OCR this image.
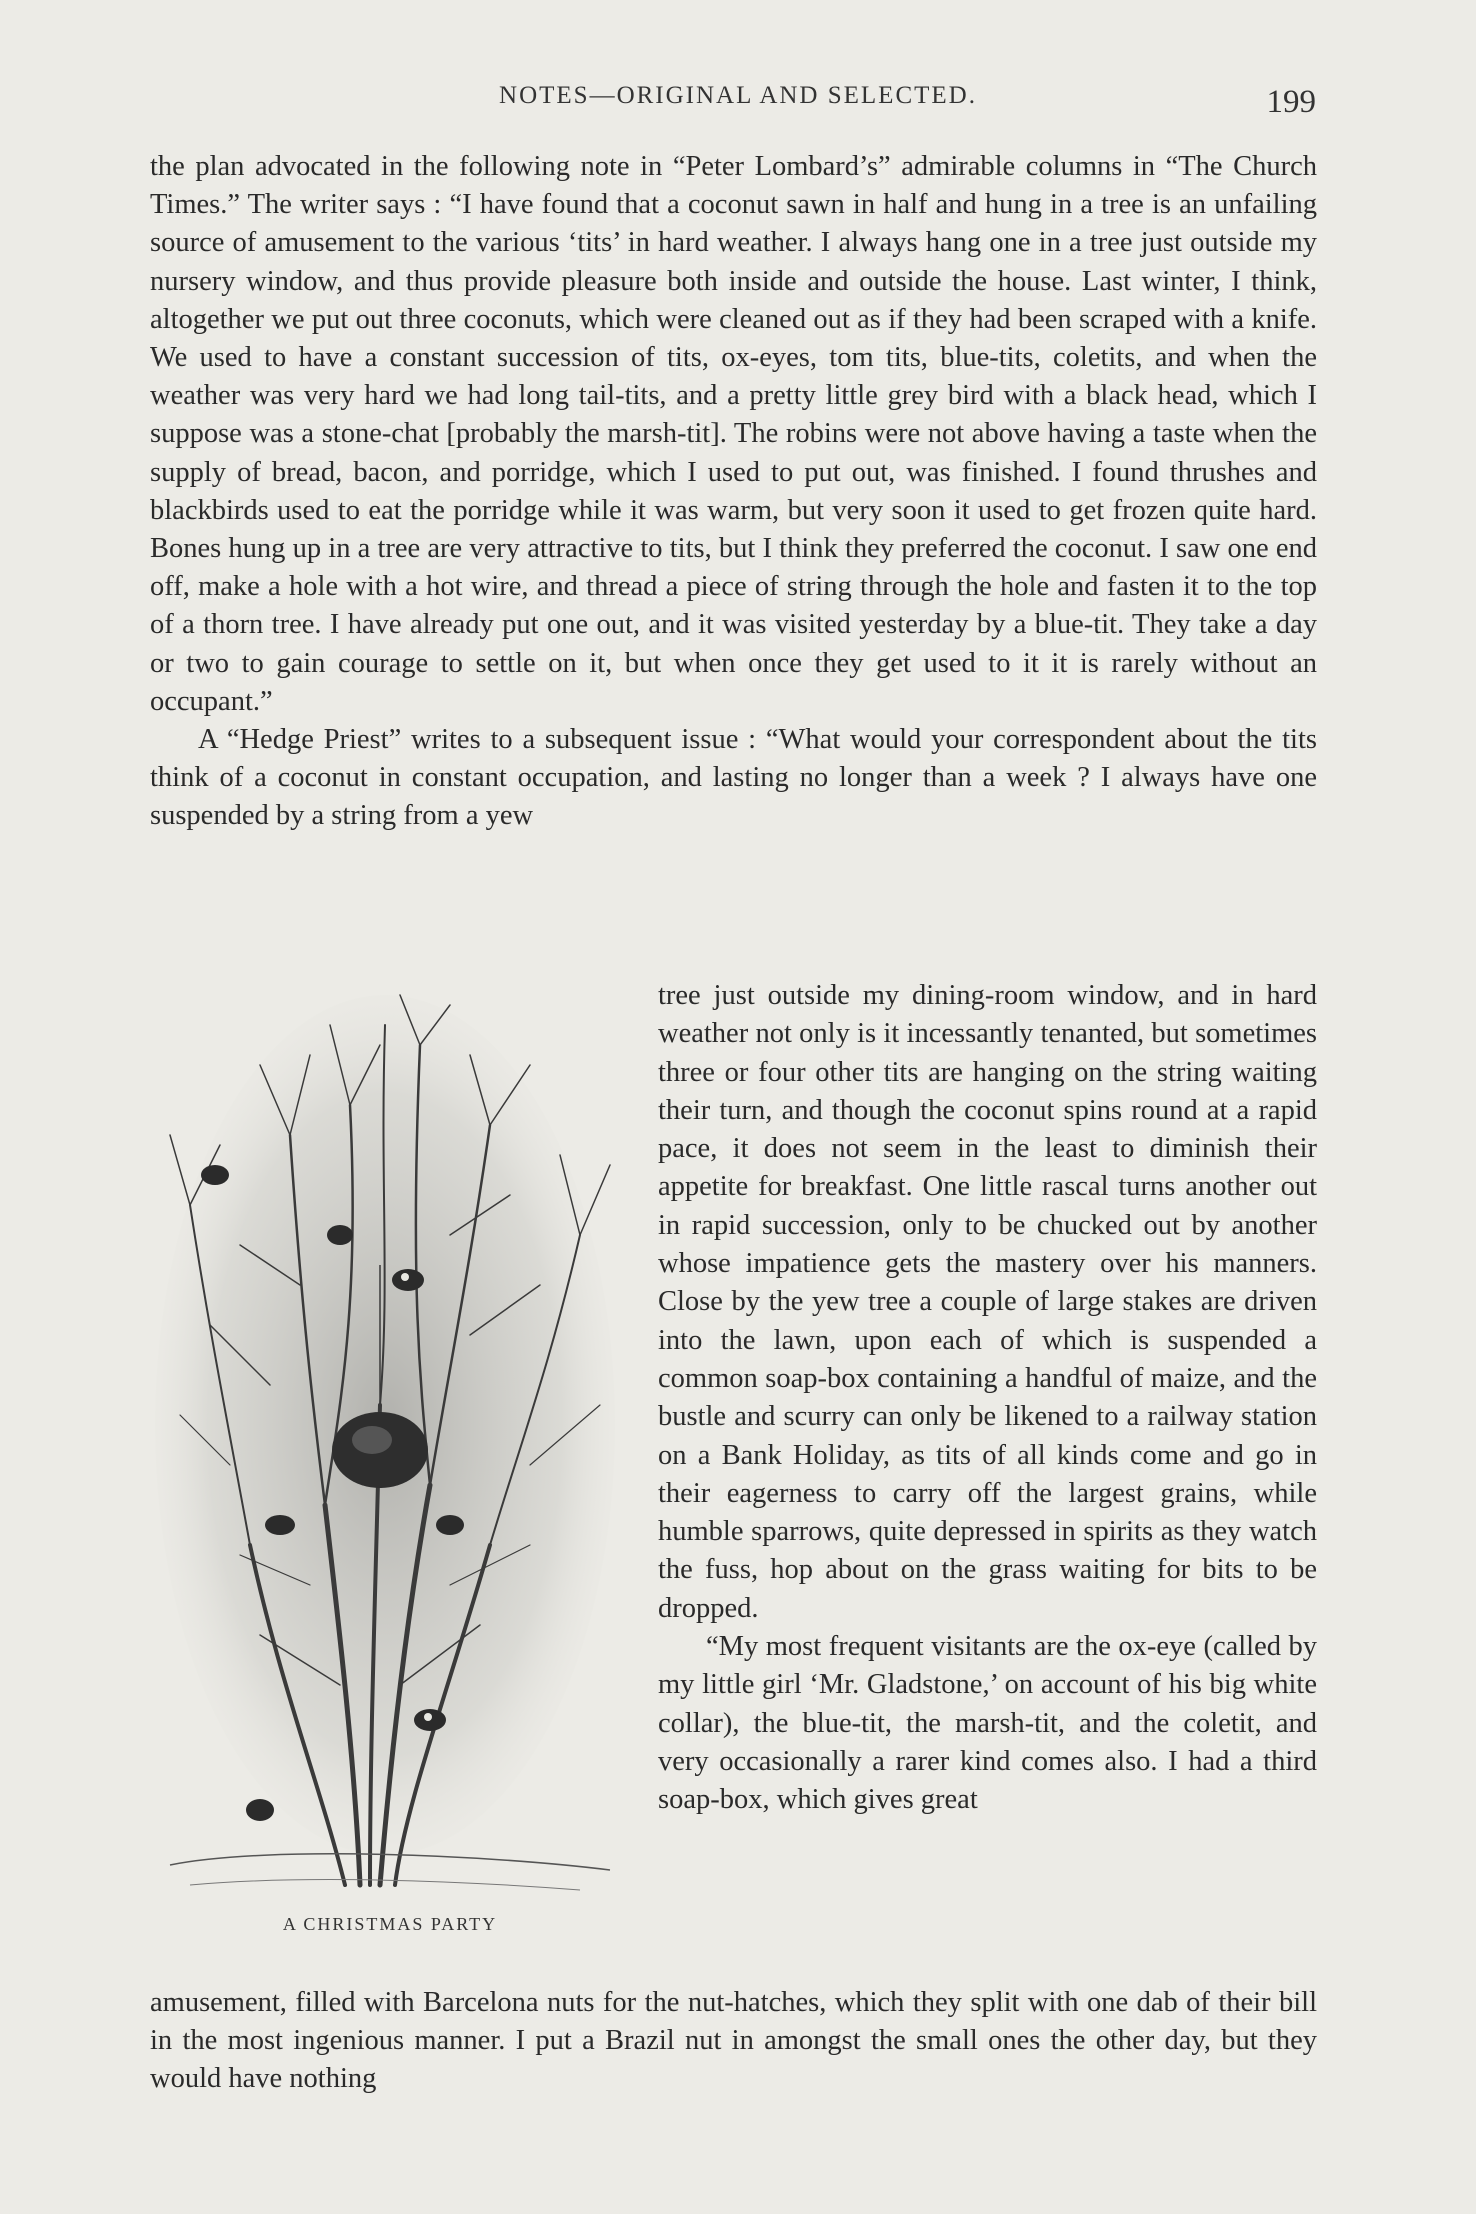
NOTES—ORIGINAL AND SELECTED.	199

the plan advocated in the following note in “Peter Lombard’s” admirable columns in “The Church Times.” The writer says : “I have found that a coconut sawn in half and hung in a tree is an unfailing source of amusement to the various ‘tits’ in hard weather. I always hang one in a tree just outside my nursery window, and thus provide pleasure both inside and outside the house. Last winter, I think, altogether we put out three coconuts, which were cleaned out as if they had been scraped with a knife. We used to have a constant succession of tits, ox-eyes, tom tits, blue-tits, coletits, and when the weather was very hard we had long tail-tits, and a pretty little grey bird with a black head, which I suppose was a stone-chat [probably the marsh-tit]. The robins were not above having a taste when the supply of bread, bacon, and porridge, which I used to put out, was finished. I found thrushes and blackbirds used to eat the porridge while it was warm, but very soon it used to get frozen quite hard. Bones hung up in a tree are very attractive to tits, but I think they preferred the coconut. I saw one end off, make a hole with a hot wire, and thread a piece of string through the hole and fasten it to the top of a thorn tree. I have already put one out, and it was visited yesterday by a blue-tit. They take a day or two to gain courage to settle on it, but when once they get used to it it is rarely without an occupant.”

A “Hedge Priest” writes to a subsequent issue : “What would your correspondent about the tits think of a coconut in constant occupation, and lasting no longer than a week ? I always have one suspended by a string from a yew

A CHRISTMAS PARTY

tree just outside my dining-room window, and in hard weather not only is it incessantly tenanted, but sometimes three or four other tits are hanging on the string waiting their turn, and though the coconut spins round at a rapid pace, it does not seem in the least to diminish their appetite for breakfast. One little rascal turns another out in rapid succession, only to be chucked out by another whose impatience gets the mastery over his manners. Close by the yew tree a couple of large stakes are driven into the lawn, upon each of which is suspended a common soap-box containing a handful of maize, and the bustle and scurry can only be likened to a railway station on a Bank Holiday, as tits of all kinds come and go in their eagerness to carry off the largest grains, while humble sparrows, quite depressed in spirits as they watch the fuss, hop about on the grass waiting for bits to be dropped.

“My most frequent visitants are the ox-eye (called by my little girl ‘Mr. Gladstone,’ on account of his big white collar), the blue-tit, the marsh-tit, and the coletit, and very occasionally a rarer kind comes also. I had a third soap-box, which gives great

amusement, filled with Barcelona nuts for the nut-hatches, which they split with one dab of their bill in the most ingenious manner. I put a Brazil nut in amongst the small ones the other day, but they would have nothing
